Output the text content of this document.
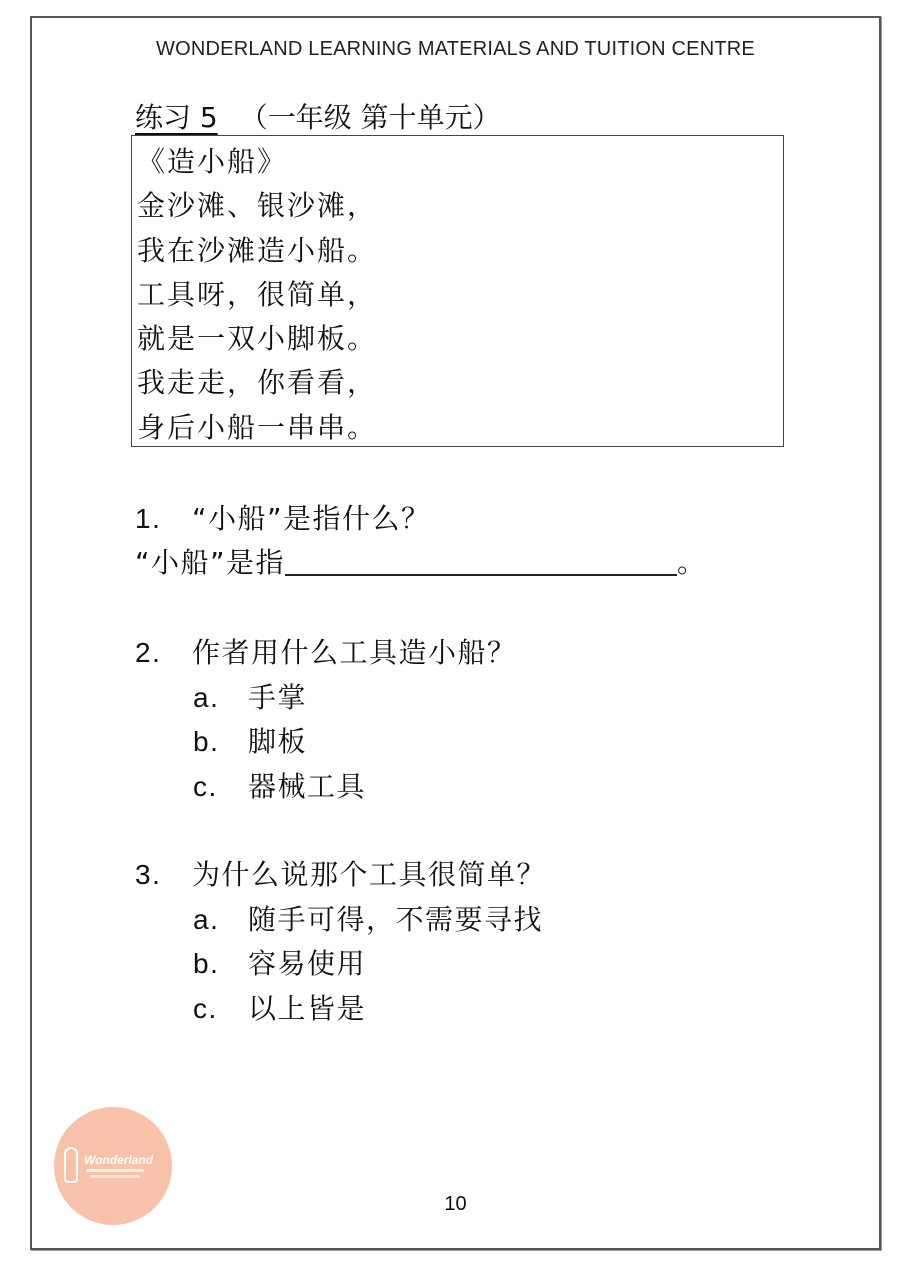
WONDERLAND LEARNING MATERIALS AND TUITION CENTRE
练习 5 （一年级 第十单元）
《造小船》
金沙滩、银沙滩，
我在沙滩造小船。
工具呀，很简单，
就是一双小脚板。
我走走，你看看，
身后小船一串串。
1. “小船”是指什么？
“小船”是指	。
2. 作者用什么工具造小船？
a. 手掌
b. 脚板
c. 器械工具
3. 为什么说那个工具很简单？
a. 随手可得，不需要寻找
b. 容易使用
c. 以上皆是
Wonderland
10
